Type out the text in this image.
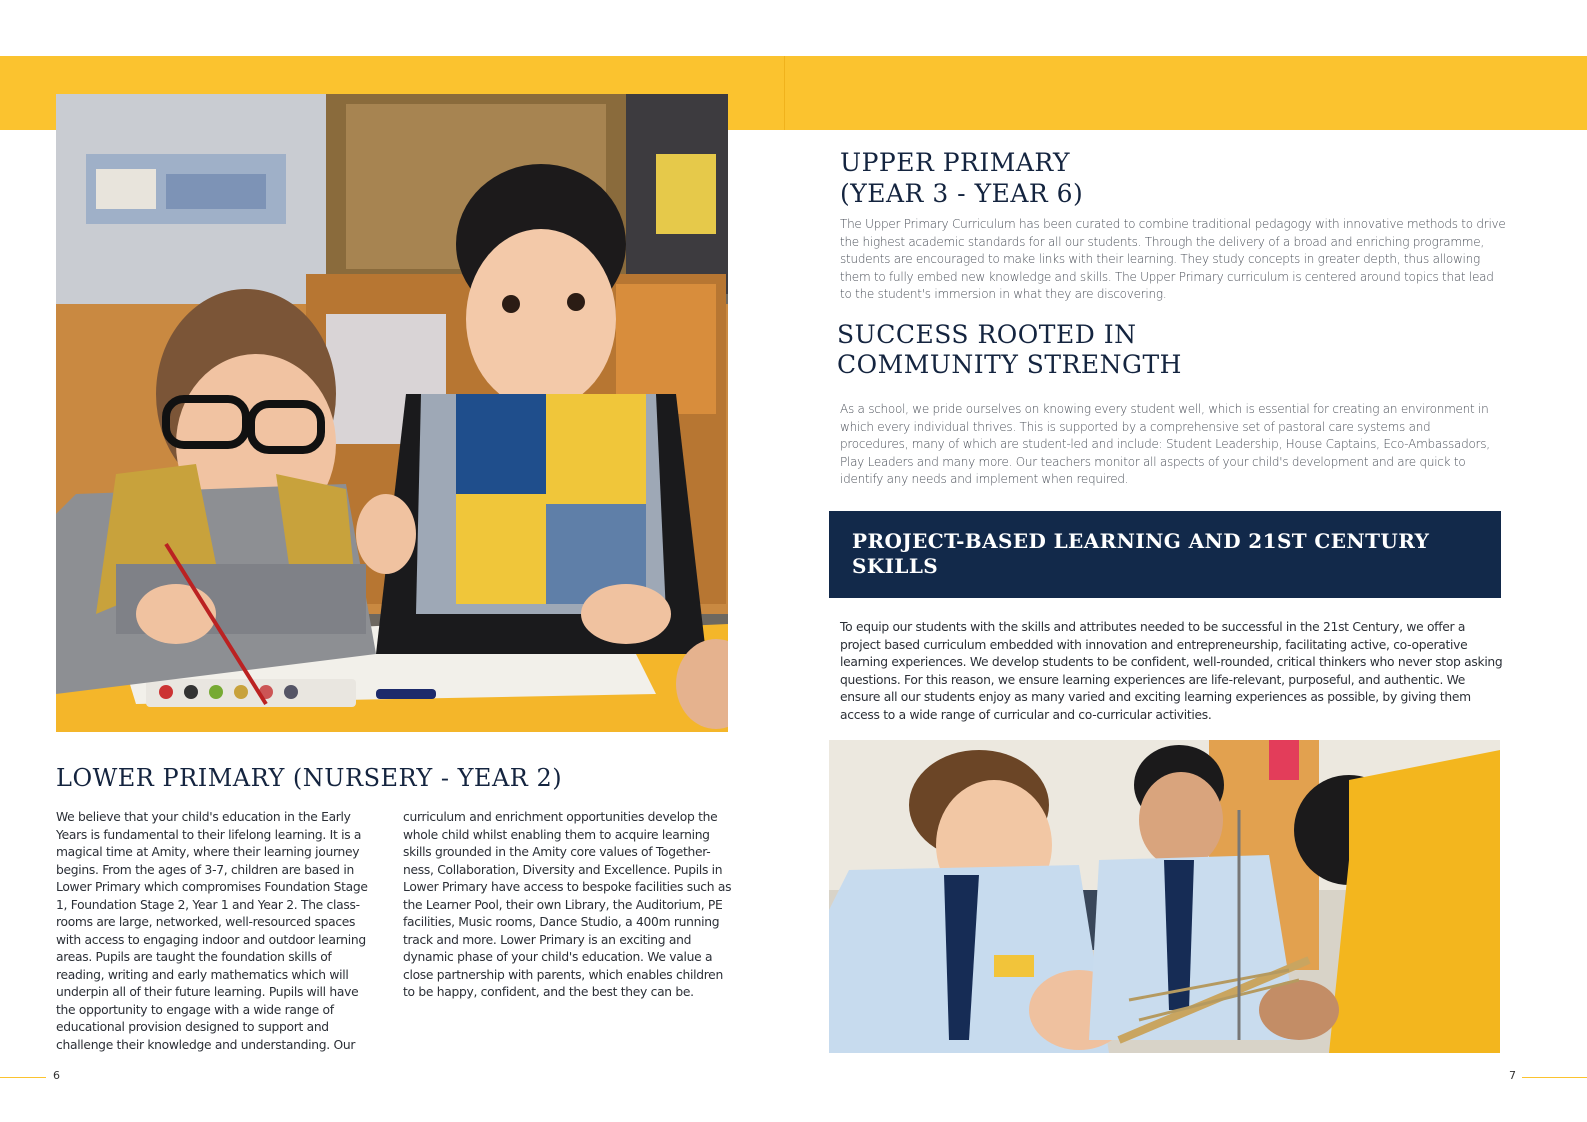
LOWER PRIMARY (NURSERY - YEAR 2)

We believe that your child's education in the Early Years is fundamental to their lifelong learning. It is a magical time at Amity, where their learning journey begins. From the ages of 3-7, children are based in Lower Primary which compromises Foundation Stage 1, Foundation Stage 2, Year 1 and Year 2. The class-rooms are large, networked, well-resourced spaces with access to engaging indoor and outdoor learning areas. Pupils are taught the foundation skills of reading, writing and early mathematics which will underpin all of their future learning. Pupils will have the opportunity to engage with a wide range of educational provision designed to support and challenge their knowledge and understanding. Our

curriculum and enrichment opportunities develop the whole child whilst enabling them to acquire learning skills grounded in the Amity core values of Together-ness, Collaboration, Diversity and Excellence. Pupils in Lower Primary have access to bespoke facilities such as the Learner Pool, their own Library, the Auditorium, PE facilities, Music rooms, Dance Studio, a 400m running track and more. Lower Primary is an exciting and dynamic phase of your child's education. We value a close partnership with parents, which enables children to be happy, confident, and the best they can be.

6
UPPER PRIMARY
(YEAR 3 - YEAR 6)

The Upper Primary Curriculum has been curated to combine traditional pedagogy with innovative methods to drive the highest academic standards for all our students. Through the delivery of a broad and enriching programme, students are encouraged to make links with their learning. They study concepts in greater depth, thus allowing them to fully embed new knowledge and skills. The Upper Primary curriculum is centered around topics that lead to the student's immersion in what they are discovering.

SUCCESS ROOTED IN
COMMUNITY STRENGTH

As a school, we pride ourselves on knowing every student well, which is essential for creating an environment in which every individual thrives. This is supported by a comprehensive set of pastoral care systems and procedures, many of which are student-led and include: Student Leadership, House Captains, Eco-Ambassadors, Play Leaders and many more. Our teachers monitor all aspects of your child's development and are quick to identify any needs and implement when required.

PROJECT-BASED LEARNING AND 21ST CENTURY SKILLS

To equip our students with the skills and attributes needed to be successful in the 21st Century, we offer a project based curriculum embedded with innovation and entrepreneurship, facilitating active, co-operative learning experiences. We develop students to be confident, well-rounded, critical thinkers who never stop asking questions. For this reason, we ensure learning experiences are life-relevant, purposeful, and authentic. We ensure all our students enjoy as many varied and exciting learning experiences as possible, by giving them access to a wide range of curricular and co-curricular activities.

7
